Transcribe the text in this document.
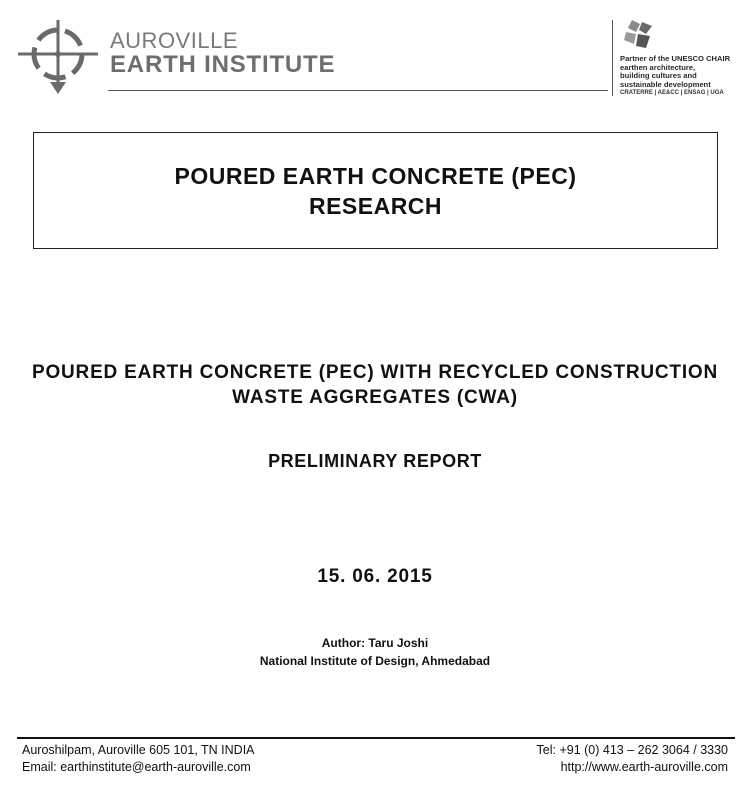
AUROVILLE
EARTH INSTITUTE	Partner of the UNESCO CHAIR
earthen architecture,
building cultures and
sustainable development
CRATERRE | AE&CC | ENSAG | UGA
POURED EARTH CONCRETE (PEC)
RESEARCH
POURED EARTH CONCRETE (PEC) WITH RECYCLED CONSTRUCTION
WASTE AGGREGATES (CWA)
PRELIMINARY REPORT
15. 06. 2015
Author: Taru Joshi
National Institute of Design, Ahmedabad
Auroshilpam, Auroville 605 101, TN INDIA
Email: earthinstitute@earth-auroville.com
Tel: +91 (0) 413 – 262 3064 / 3330
http://www.earth-auroville.com
